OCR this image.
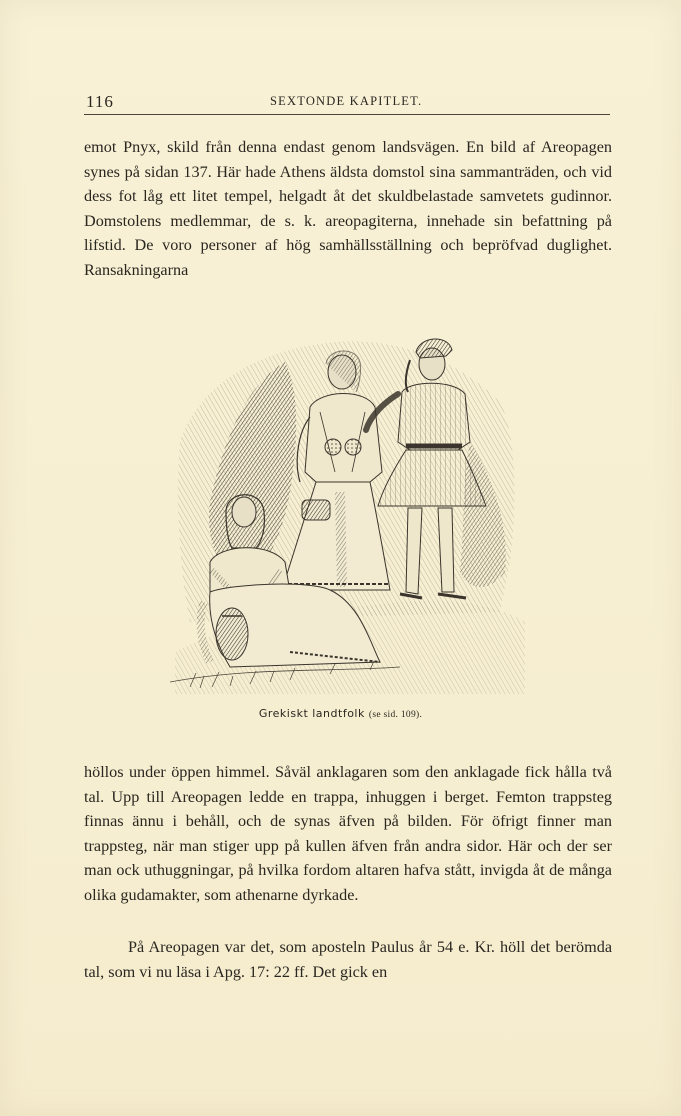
116	SEXTONDE KAPITLET.

emot Pnyx, skild från denna endast genom landsvägen. En bild af Areopagen synes på sidan 137. Här hade Athens äldsta domstol sina sammanträden, och vid dess fot låg ett litet tempel, helgadt åt det skuldbelastade samvetets gudinnor. Domstolens medlemmar, de s. k. areopagiterna, innehade sin befattning på lifstid. De voro personer af hög samhällsställning och bepröfvad duglighet. Ransakningarna

Grekiskt landtfolk (se sid. 109).

höllos under öppen himmel. Såväl anklagaren som den anklagade fick hålla två tal. Upp till Areopagen ledde en trappa, inhuggen i berget. Femton trappsteg finnas ännu i behåll, och de synas äfven på bilden. För öfrigt finner man trappsteg, när man stiger upp på kullen äfven från andra sidor. Här och der ser man ock uthuggningar, på hvilka fordom altaren hafva stått, invigda åt de många olika gudamakter, som athenarne dyrkade.

På Areopagen var det, som aposteln Paulus år 54 e. Kr. höll det berömda tal, som vi nu läsa i Apg. 17: 22 ff. Det gick en
